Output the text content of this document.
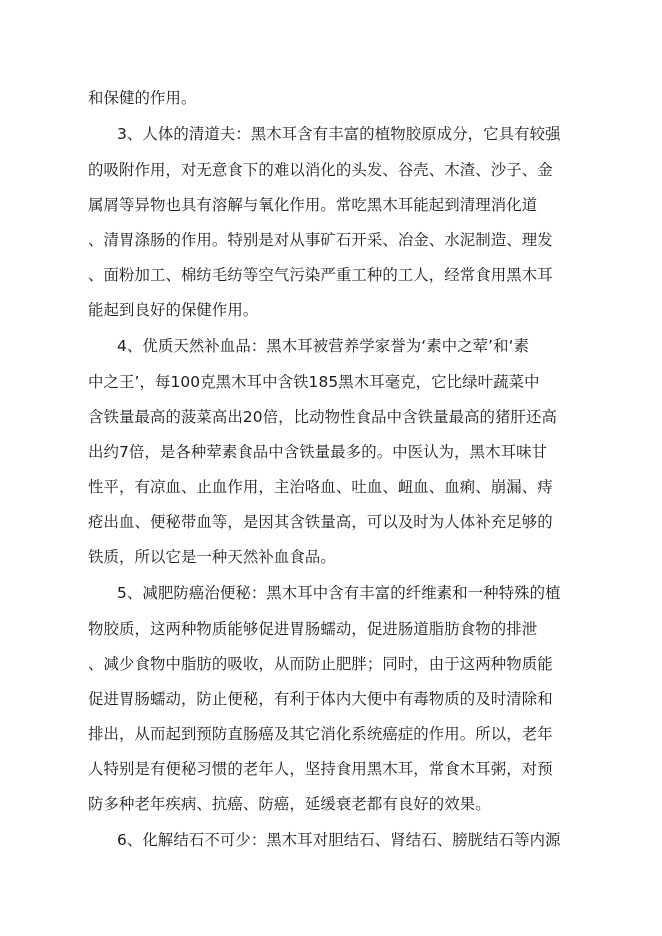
和保健的作用。
3、人体的清道夫：黑木耳含有丰富的植物胶原成分，它具有较强
的吸附作用，对无意食下的难以消化的头发、谷壳、木渣、沙子、金
属屑等异物也具有溶解与氧化作用。常吃黑木耳能起到清理消化道
、清胃涤肠的作用。特别是对从事矿石开采、冶金、水泥制造、理发
、面粉加工、棉纺毛纺等空气污染严重工种的工人，经常食用黑木耳
能起到良好的保健作用。
4、优质天然补血品：黑木耳被营养学家誉为‘素中之荤’和‘素
中之王’，每100克黑木耳中含铁185黑木耳毫克，它比绿叶蔬菜中
含铁量最高的菠菜高出20倍，比动物性食品中含铁量最高的猪肝还高
出约7倍，是各种荤素食品中含铁量最多的。中医认为，黑木耳味甘
性平，有凉血、止血作用，主治咯血、吐血、衄血、血痢、崩漏、痔
疮出血、便秘带血等，是因其含铁量高，可以及时为人体补充足够的
铁质，所以它是一种天然补血食品。
5、减肥防癌治便秘：黑木耳中含有丰富的纤维素和一种特殊的植
物胶质，这两种物质能够促进胃肠蠕动，促进肠道脂肪食物的排泄
、减少食物中脂肪的吸收，从而防止肥胖；同时，由于这两种物质能
促进胃肠蠕动，防止便秘，有利于体内大便中有毒物质的及时清除和
排出，从而起到预防直肠癌及其它消化系统癌症的作用。所以，老年
人特别是有便秘习惯的老年人，坚持食用黑木耳，常食木耳粥，对预
防多种老年疾病、抗癌、防癌，延缓衰老都有良好的效果。
6、化解结石不可少：黑木耳对胆结石、肾结石、膀胱结石等内源
